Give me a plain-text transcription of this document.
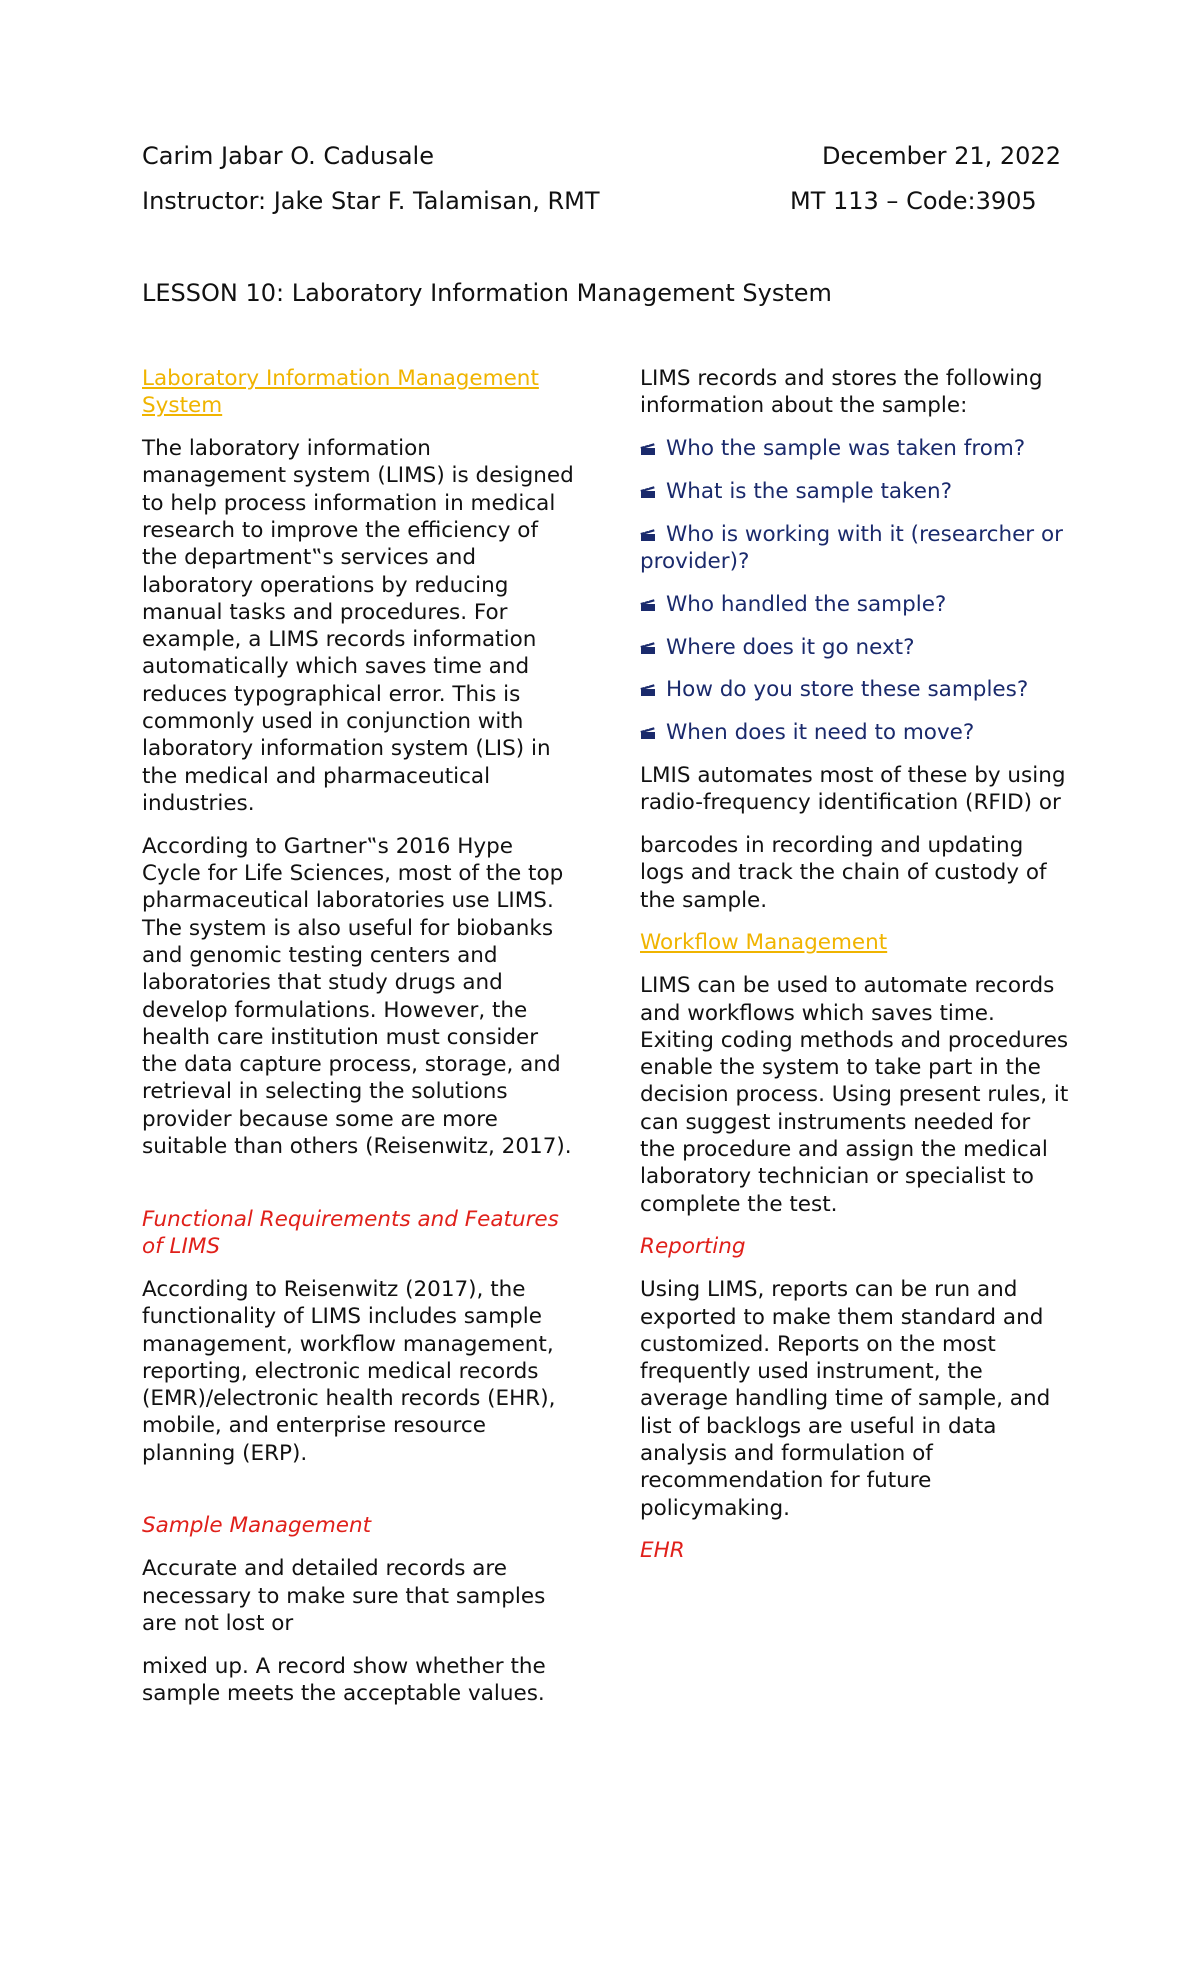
Carim Jabar O. Cadusale	December 21, 2022
Instructor: Jake Star F. Talamisan, RMT	MT 113 – Code:3905
LESSON 10: Laboratory Information Management System
Laboratory Information Management System

The laboratory information management system (LIMS) is designed to help process information in medical research to improve the efficiency of the department‟s services and laboratory operations by reducing manual tasks and procedures. For example, a LIMS records information automatically which saves time and reduces typographical error. This is commonly used in conjunction with laboratory information system (LIS) in the medical and pharmaceutical industries.

According to Gartner‟s 2016 Hype Cycle for Life Sciences, most of the top pharmaceutical laboratories use LIMS. The system is also useful for biobanks and genomic testing centers and laboratories that study drugs and develop formulations. However, the health care institution must consider the data capture process, storage, and retrieval in selecting the solutions provider because some are more suitable than others (Reisenwitz, 2017).

Functional Requirements and Features of LIMS

According to Reisenwitz (2017), the functionality of LIMS includes sample management, workflow management, reporting, electronic medical records (EMR)/electronic health records (EHR), mobile, and enterprise resource planning (ERP).

Sample Management

Accurate and detailed records are necessary to make sure that samples are not lost or

mixed up. A record show whether the sample meets the acceptable values.

LIMS records and stores the following information about the sample:

Who the sample was taken from?
What is the sample taken?
Who is working with it (researcher or provider)?
Who handled the sample?
Where does it go next?
How do you store these samples?
When does it need to move?

LMIS automates most of these by using radio-frequency identification (RFID) or

barcodes in recording and updating logs and track the chain of custody of the sample.

Workflow Management

LIMS can be used to automate records and workflows which saves time. Exiting coding methods and procedures enable the system to take part in the decision process. Using present rules, it can suggest instruments needed for the procedure and assign the medical laboratory technician or specialist to complete the test.

Reporting

Using LIMS, reports can be run and exported to make them standard and customized. Reports on the most frequently used instrument, the average handling time of sample, and list of backlogs are useful in data analysis and formulation of recommendation for future policymaking.

EHR
